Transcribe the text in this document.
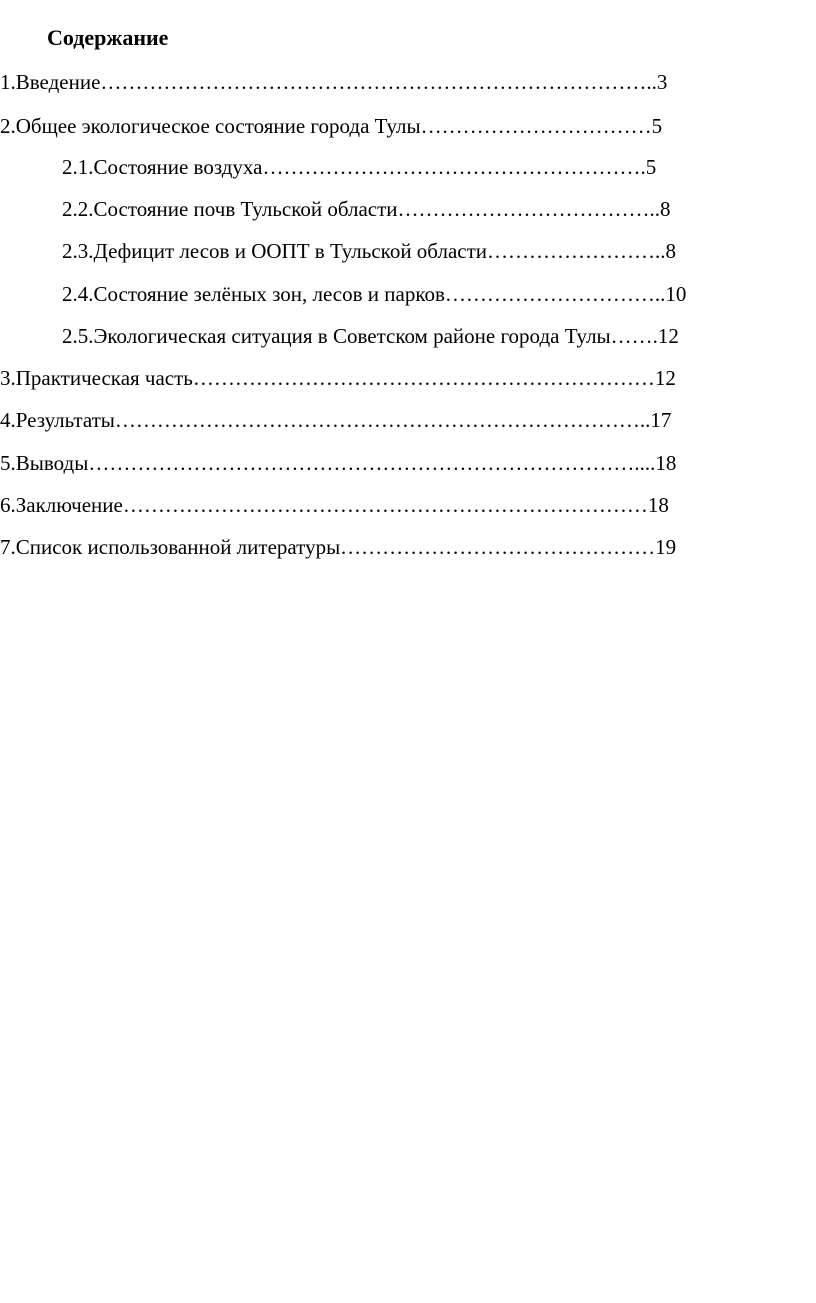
Содержание
1.Введение……………………………………………………………………..3
2.Общее экологическое состояние города Тулы……………………………5
2.1.Состояние воздуха……………………………………………….5
2.2.Состояние почв Тульской области………………………………..8
2.3.Дефицит лесов и ООПТ в Тульской области……………………..8
2.4.Состояние зелёных зон, лесов и парков…………………………..10
2.5.Экологическая ситуация в Советском районе города Тулы…….12
3.Практическая часть…………………………………………………………12
4.Результаты…………………………………………………………………..17
5.Выводы……………………………………………………………………....18
6.Заключение…………………………………………………………………18
7.Список использованной литературы………………………………………19
